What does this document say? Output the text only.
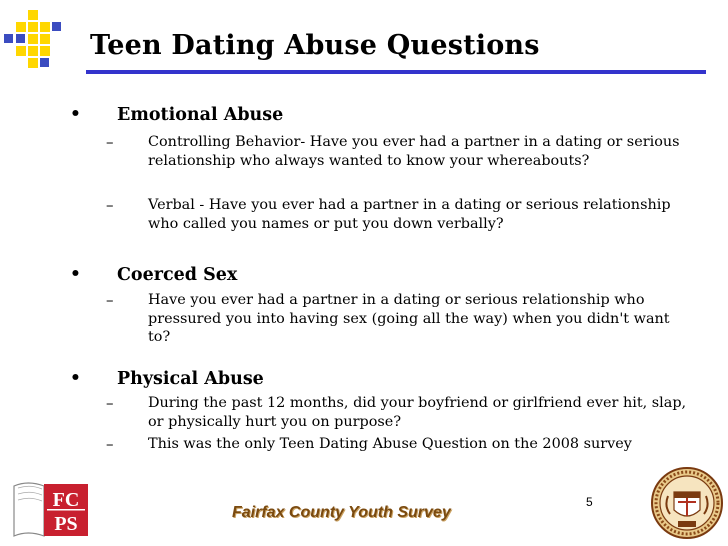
Teen Dating Abuse Questions
• Emotional Abuse
– Controlling Behavior- Have you ever had a partner in a dating or serious relationship who always wanted to know your whereabouts?
– Verbal - Have you ever had a partner in a dating or serious relationship who called you names or put you down verbally?
• Coerced Sex
– Have you ever had a partner in a dating or serious relationship who pressured you into having sex (going all the way) when you didn't want to?
• Physical Abuse
– During the past 12 months, did your boyfriend or girlfriend ever hit, slap, or physically hurt you on purpose?
– This was the only Teen Dating Abuse Question on the 2008 survey
FC
PS
5
Fairfax County Youth Survey
